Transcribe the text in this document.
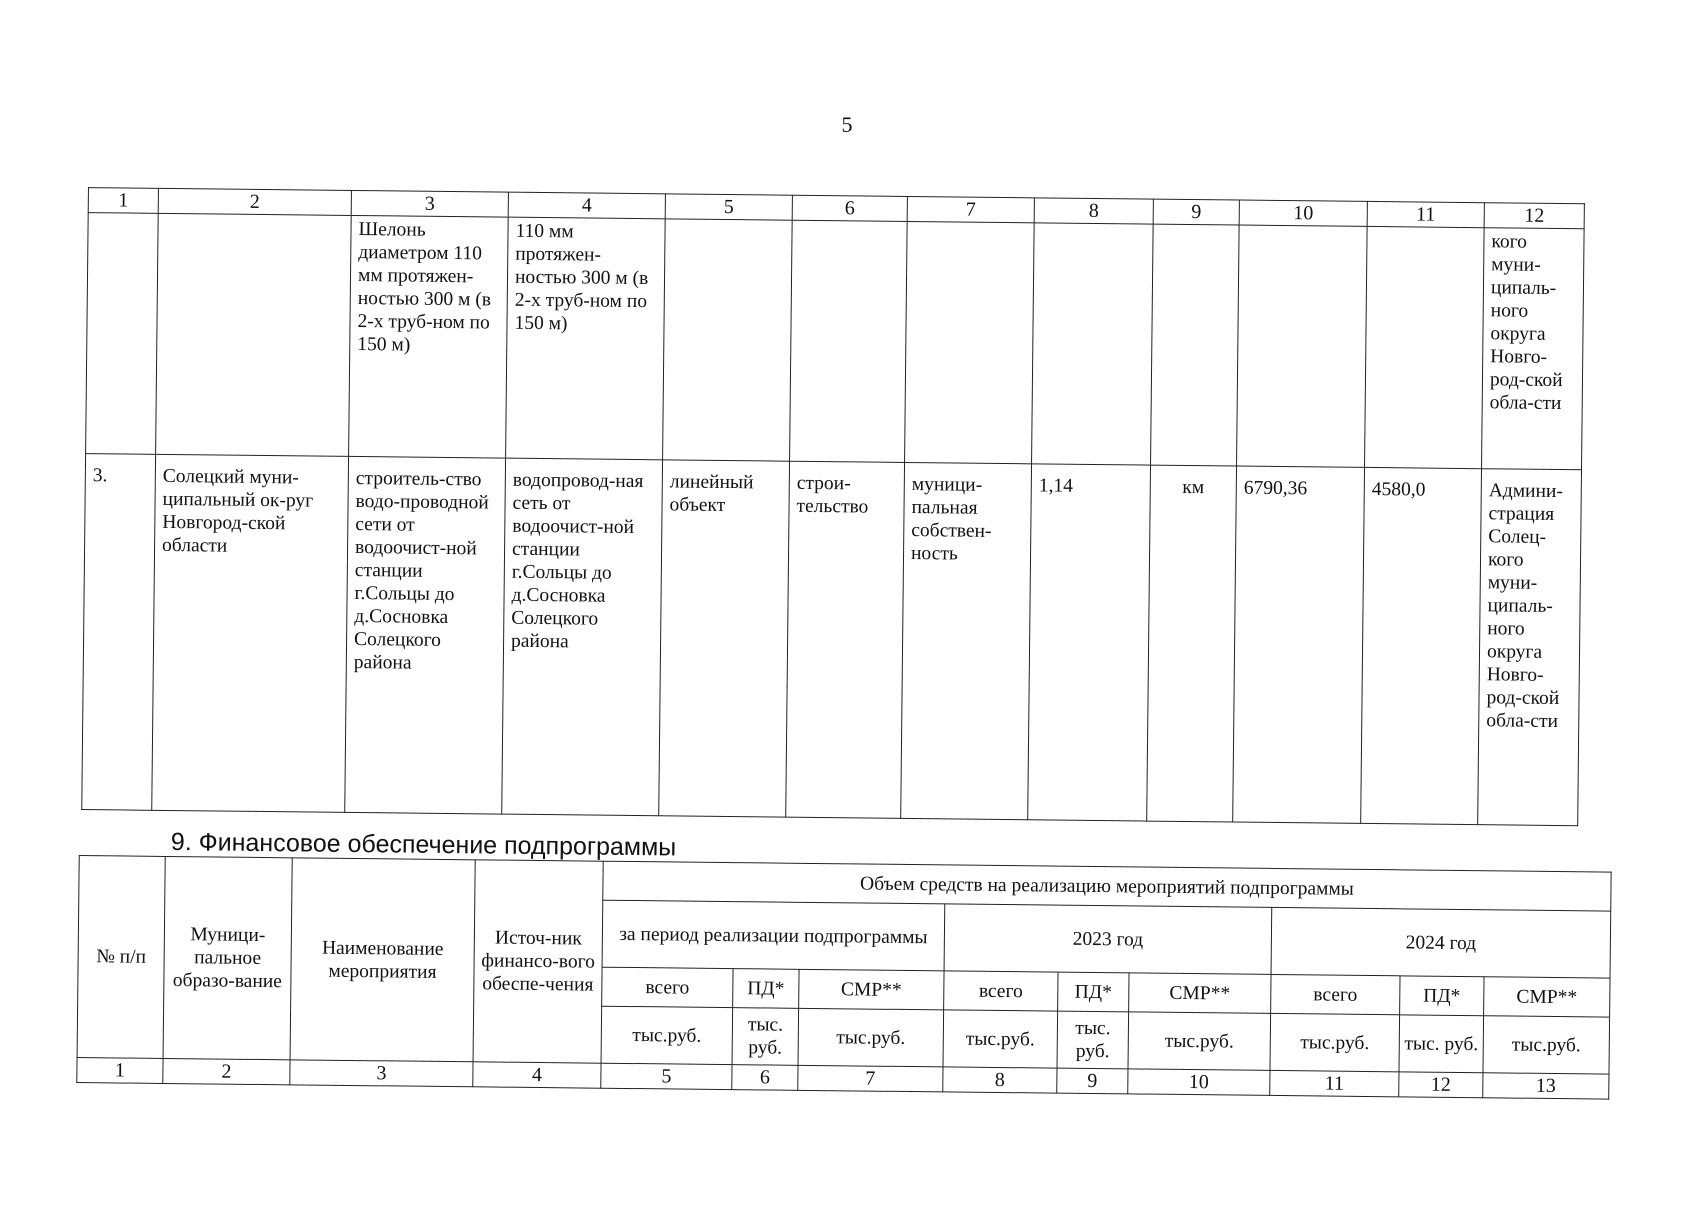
5
1	2	3	4	5	6	7	8	9	10	11	12
		Шелонь диаметром 110 мм протяжен-ностью 300 м (в 2-х труб-ном по 150 м)	110 мм протяжен-ностью 300 м (в 2-х труб-ном по 150 м)								кого муни-ципаль-ного округа Новго-род-ской обла-сти
3.	Солецкий муни-ципальный ок-руг Новгород-ской области	строитель-ство водо-проводной сети от водоочист-ной станции г.Сольцы до д.Сосновка Солецкого района	водопровод-ная сеть от водоочист-ной станции г.Сольцы до д.Сосновка Солецкого района	линейный объект	строи-тельство	муници-пальная собствен-ность	1,14	км	6790,36	4580,0	Админи-страция Солец-кого муни-ципаль-ного округа Новго-род-ской обла-сти
9. Финансовое обеспечение подпрограммы
№ п/п	Муници-пальное образо-вание	Наименование мероприятия	Источ-ник финансо-вого обеспе-чения	Объем средств на реализацию мероприятий подпрограммы								
				за период реализации подпрограммы			2023 год			2024 год		
				всего	ПД*	СМР**	всего	ПД*	СМР**	всего	ПД*	СМР**
				тыс.руб.	тыс. руб.	тыс.руб.	тыс.руб.	тыс. руб.	тыс.руб.	тыс.руб.	тыс. руб.	тыс.руб.
1	2	3	4	5	6	7	8	9	10	11	12	13
